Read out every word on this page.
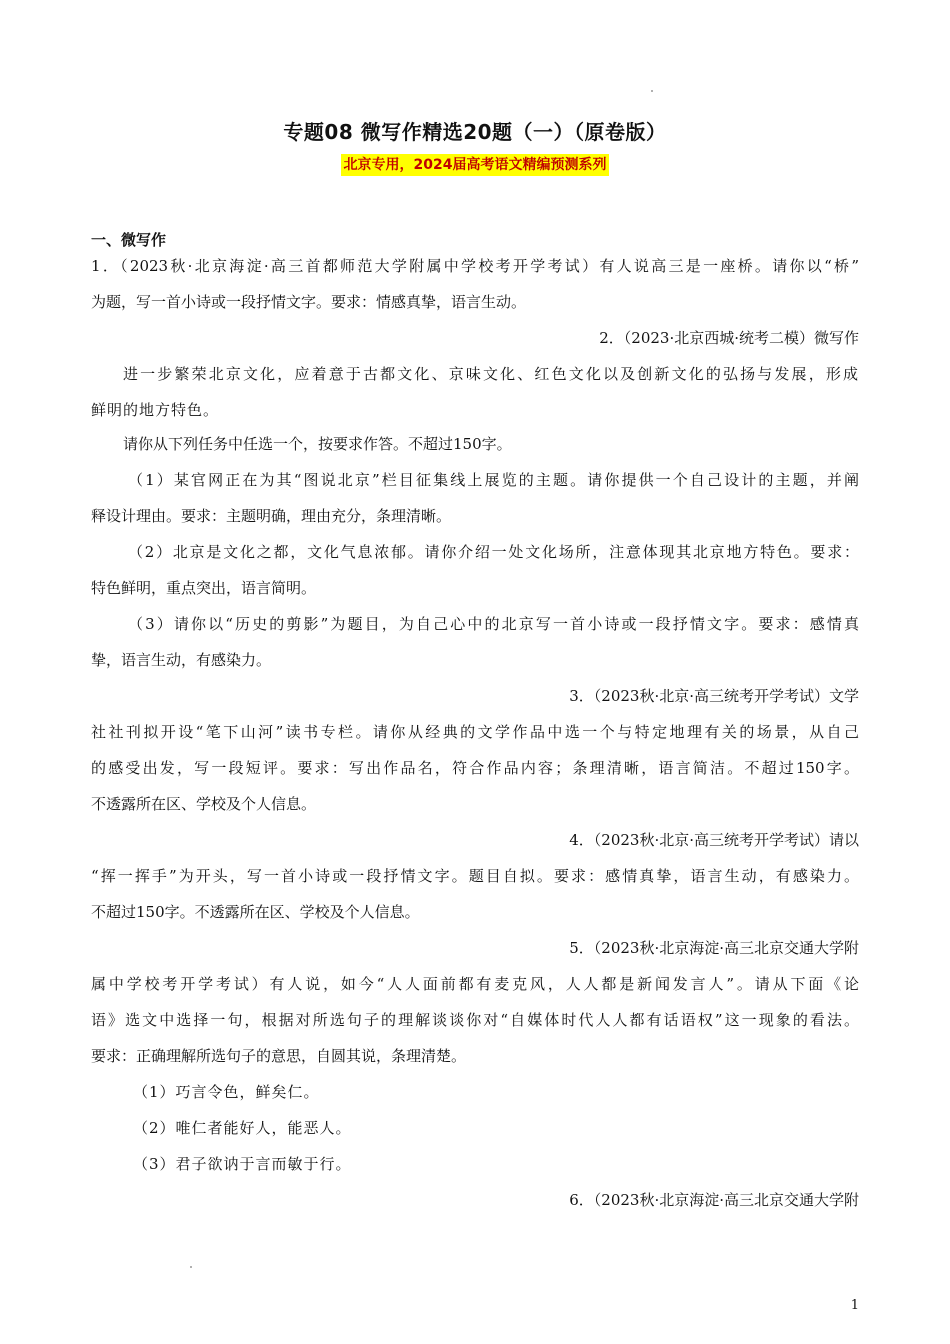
专题08 微写作精选20题（一）（原卷版）
北京专用，2024届高考语文精编预测系列
一、微写作
1．（2023秋·北京海淀·高三首都师范大学附属中学校考开学考试）有人说高三是一座桥。请你以“桥”
为题，写一首小诗或一段抒情文字。要求：情感真挚，语言生动。
2．（2023·北京西城·统考二模）微写作
进一步繁荣北京文化，应着意于古都文化、京味文化、红色文化以及创新文化的弘扬与发展，形成
鲜明的地方特色。
请你从下列任务中任选一个，按要求作答。不超过150字。
（1）某官网正在为其“图说北京”栏目征集线上展览的主题。请你提供一个自己设计的主题，并阐
释设计理由。要求：主题明确，理由充分，条理清晰。
（2）北京是文化之都，文化气息浓郁。请你介绍一处文化场所，注意体现其北京地方特色。要求：
特色鲜明，重点突出，语言简明。
（3）请你以“历史的剪影”为题目，为自己心中的北京写一首小诗或一段抒情文字。要求：感情真
挚，语言生动，有感染力。
3．（2023秋·北京·高三统考开学考试）文学
社社刊拟开设“笔下山河”读书专栏。请你从经典的文学作品中选一个与特定地理有关的场景，从自己
的感受出发，写一段短评。要求：写出作品名，符合作品内容；条理清晰，语言简洁。不超过150字。
不透露所在区、学校及个人信息。
4．（2023秋·北京·高三统考开学考试）请以
“挥一挥手”为开头，写一首小诗或一段抒情文字。题目自拟。要求：感情真挚，语言生动，有感染力。
不超过150字。不透露所在区、学校及个人信息。
5．（2023秋·北京海淀·高三北京交通大学附
属中学校考开学考试）有人说，如今“人人面前都有麦克风，人人都是新闻发言人”。请从下面《论
语》选文中选择一句，根据对所选句子的理解谈谈你对“自媒体时代人人都有话语权”这一现象的看法。
要求：正确理解所选句子的意思，自圆其说，条理清楚。
（1）巧言令色，鲜矣仁。
（2）唯仁者能好人，能恶人。
（3）君子欲讷于言而敏于行。
6．（2023秋·北京海淀·高三北京交通大学附
1
